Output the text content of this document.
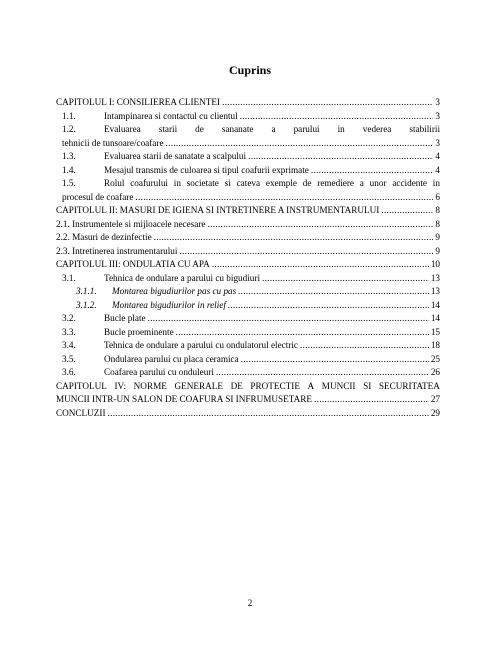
Cuprins
CAPITOLUL I: CONSILIEREA CLIENTEI .....	3
1.1.	Intampinarea si contactul cu clientul .....	3
1.2.	Evaluarea starii de sananate a parului in vederea stabilirii
tehnicii de tunsoare/coafare .....	3
1.3.	Evaluarea starii de sanatate a scalpului .....	4
1.4.	Mesajul transmis de culoarea si tipul coafurii exprimate .....	4
1.5.	Rolul coafurului in societate si cateva exemple de remediere a unor accidente in
procesul de coafare .....	6
CAPITOLUL II: MASURI DE IGIENA SI INTRETINERE A INSTRUMENTARULUI .....	8
2.1. Instrumentele si mijloacele necesare .....	8
2.2. Masuri de dezinfectie .....	9
2.3. Intretinerea instrumentarului .....	9
CAPITOLUL III: ONDULATIA CU APA .....	10
3.1.	Tehnica de ondulare a parului cu bigudiuri .....	13
3.1.1.	Montarea bigudiurilor pas cu pas .....	13
3.1.2.	Montarea bigudiurilor in relief .....	14
3.2.	Bucle plate .....	14
3.3.	Bucle proeminente .....	15
3.4.	Tehnica de ondulare a parului cu ondulatorul electric .....	18
3.5.	Ondularea parului cu placa ceramica .....	25
3.6.	Coafarea parului cu onduleuri .....	26
CAPITOLUL IV: NORME GENERALE DE PROTECTIE A MUNCII SI SECURITATEA
MUNCII INTR-UN SALON DE COAFURA SI INFRUMUSETARE .....	27
CONCLUZII .....	29
2
